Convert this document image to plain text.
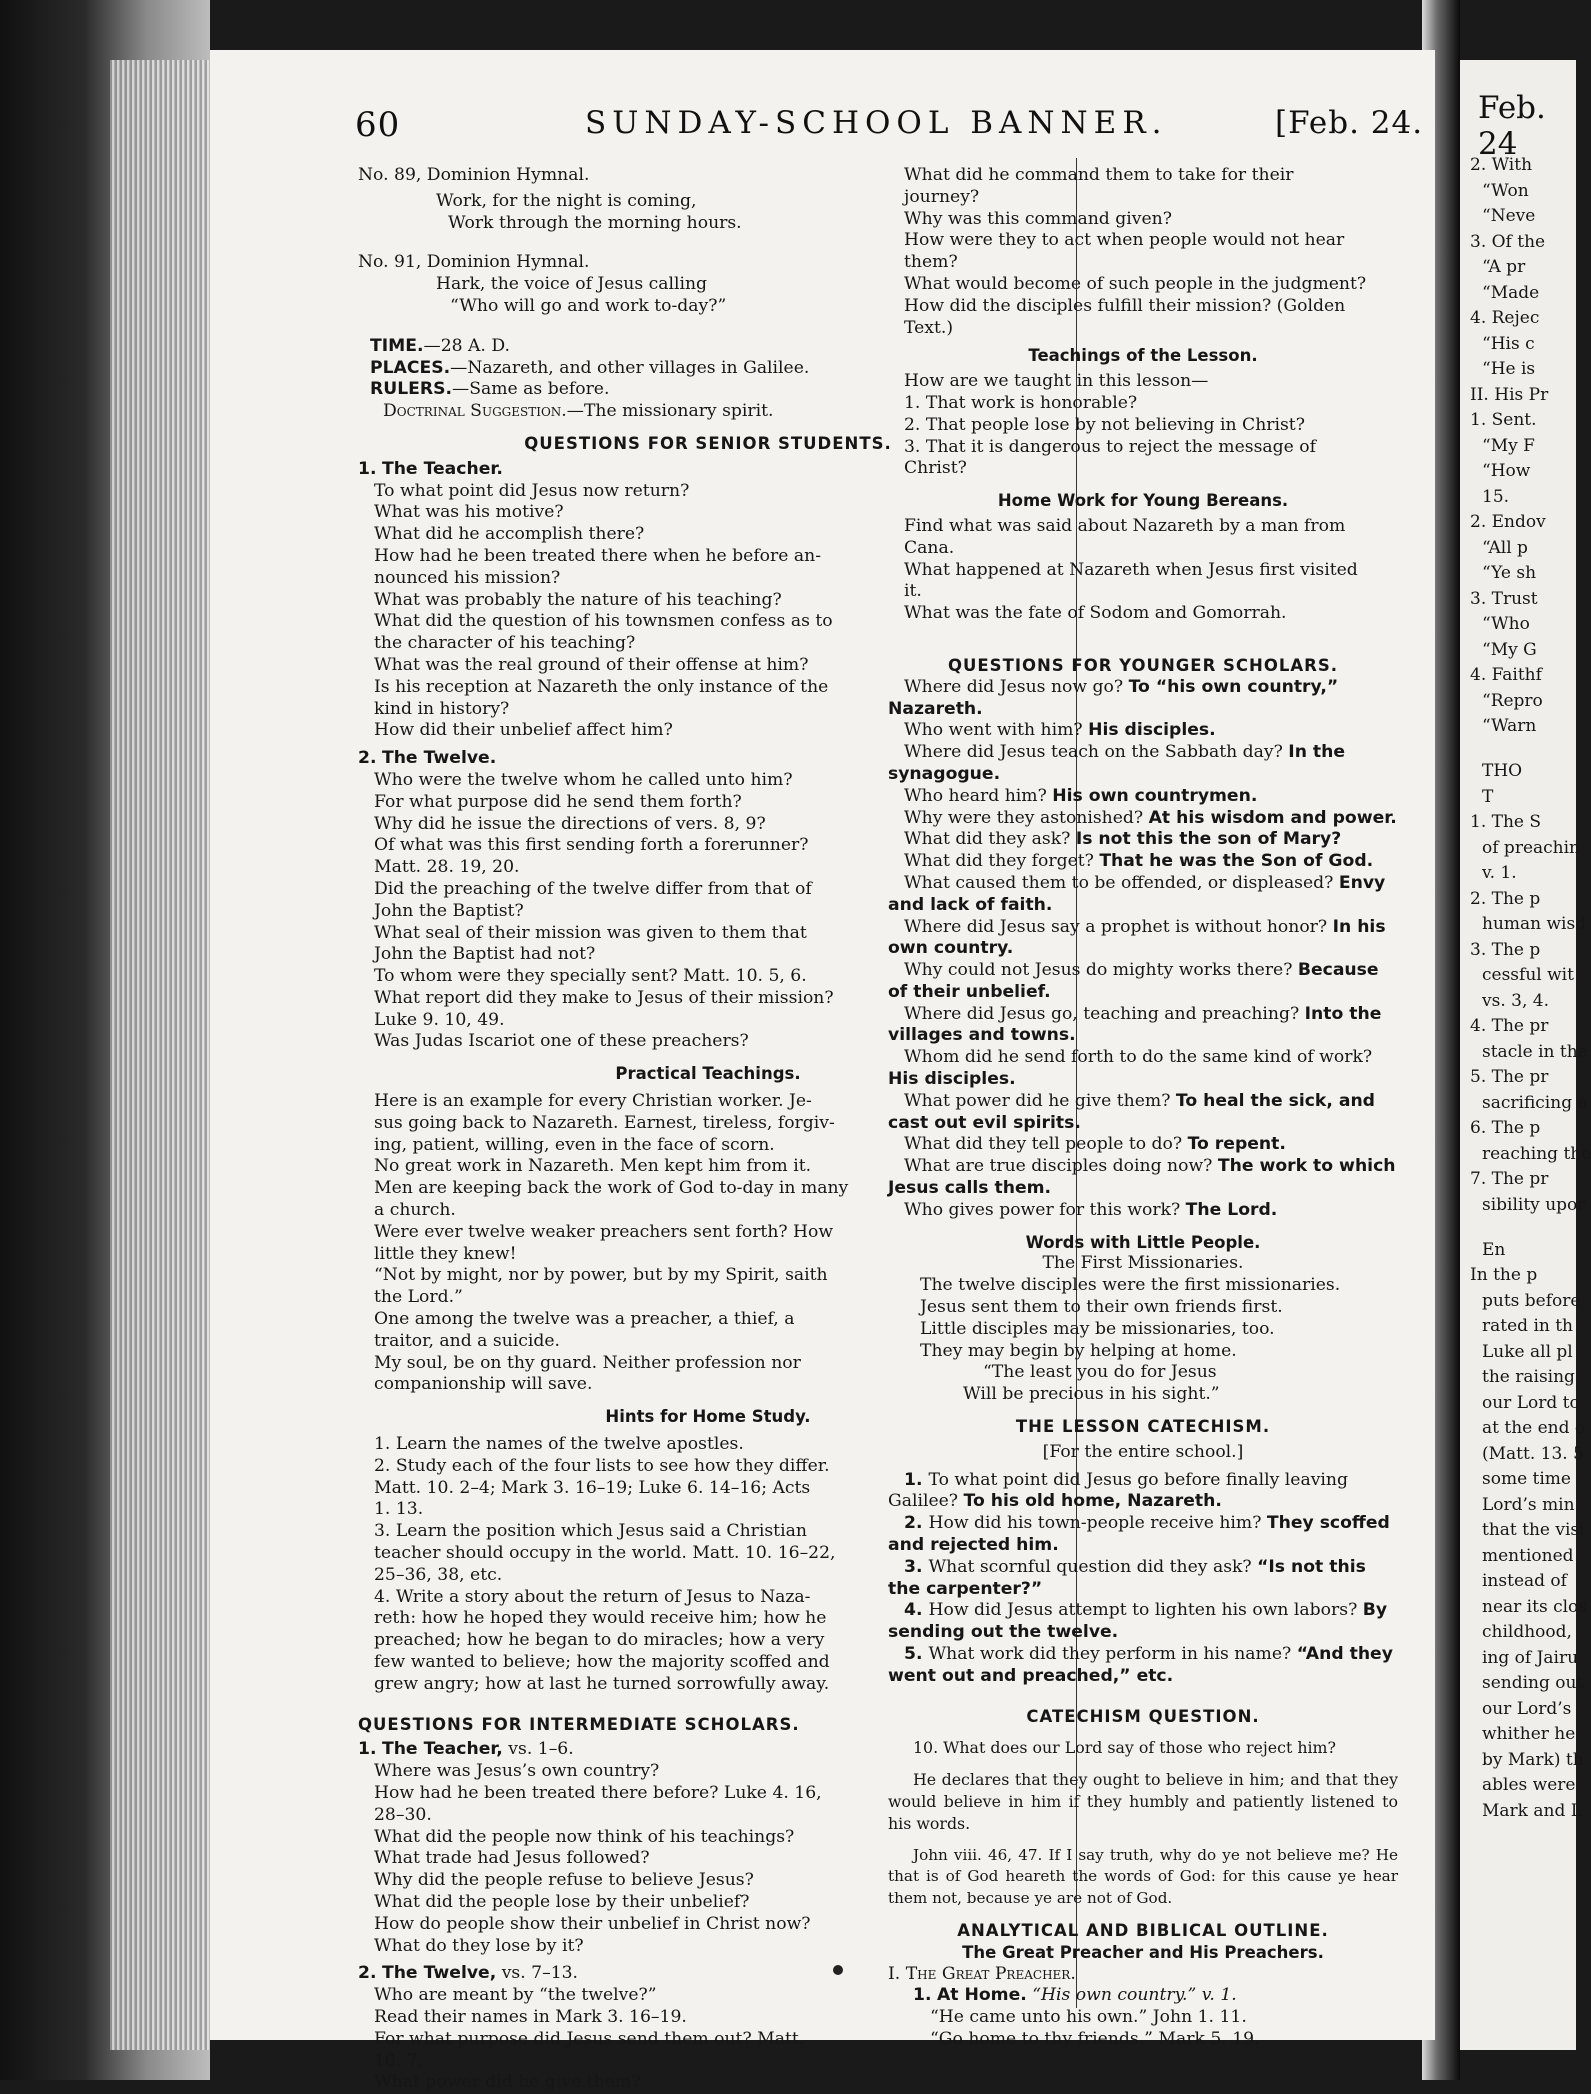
60	SUNDAY-SCHOOL BANNER.	[Feb. 24.

No. 89, Dominion Hymnal.

Work, for the night is coming,

Work through the morning hours.

No. 91, Dominion Hymnal.

Hark, the voice of Jesus calling

“Who will go and work to-day?”

TIME.—28 A. D.

PLACES.—Nazareth, and other villages in Galilee.

RULERS.—Same as before.

Doctrinal Suggestion.—The missionary spirit.

QUESTIONS FOR SENIOR STUDENTS.

1. The Teacher.

To what point did Jesus now return?

What was his motive?

What did he accomplish there?

How had he been treated there when he before an-

nounced his mission?

What was probably the nature of his teaching?

What did the question of his townsmen confess as to

the character of his teaching?

What was the real ground of their offense at him?

Is his reception at Nazareth the only instance of the

kind in history?

How did their unbelief affect him?

2. The Twelve.

Who were the twelve whom he called unto him?

For what purpose did he send them forth?

Why did he issue the directions of vers. 8, 9?

Of what was this first sending forth a forerunner?

Matt. 28. 19, 20.

Did the preaching of the twelve differ from that of

John the Baptist?

What seal of their mission was given to them that

John the Baptist had not?

To whom were they specially sent? Matt. 10. 5, 6.

What report did they make to Jesus of their mission?

Luke 9. 10, 49.

Was Judas Iscariot one of these preachers?

Practical Teachings.

Here is an example for every Christian worker. Je-

sus going back to Nazareth. Earnest, tireless, forgiv-

ing, patient, willing, even in the face of scorn.

No great work in Nazareth. Men kept him from it.

Men are keeping back the work of God to-day in many

a church.

Were ever twelve weaker preachers sent forth? How

little they knew!

“Not by might, nor by power, but by my Spirit, saith

the Lord.”

One among the twelve was a preacher, a thief, a

traitor, and a suicide.

My soul, be on thy guard. Neither profession nor

companionship will save.

Hints for Home Study.

1. Learn the names of the twelve apostles.

2. Study each of the four lists to see how they differ.

Matt. 10. 2–4; Mark 3. 16–19; Luke 6. 14–16; Acts

1. 13.

3. Learn the position which Jesus said a Christian

teacher should occupy in the world. Matt. 10. 16–22,

25–36, 38, etc.

4. Write a story about the return of Jesus to Naza-

reth: how he hoped they would receive him; how he

preached; how he began to do miracles; how a very

few wanted to believe; how the majority scoffed and

grew angry; how at last he turned sorrowfully away.

QUESTIONS FOR INTERMEDIATE SCHOLARS.

1. The Teacher, vs. 1–6.

Where was Jesus’s own country?

How had he been treated there before? Luke 4. 16,

28–30.

What did the people now think of his teachings?

What trade had Jesus followed?

Why did the people refuse to believe Jesus?

What did the people lose by their unbelief?

How do people show their unbelief in Christ now?

What do they lose by it?

2. The Twelve, vs. 7–13.

Who are meant by “the twelve?”

Read their names in Mark 3. 16–19.

For what purpose did Jesus send them out? Matt.

10. 7.

What power did he give them?

What did he command them to take for their

journey?

Why was this command given?

How were they to act when people would not hear

them?

What would become of such people in the judgment?

How did the disciples fulfill their mission? (Golden

Text.)

Teachings of the Lesson.

How are we taught in this lesson—

1. That work is honorable?

2. That people lose by not believing in Christ?

3. That it is dangerous to reject the message of

Christ?

Home Work for Young Bereans.

Find what was said about Nazareth by a man from

Cana.

What happened at Nazareth when Jesus first visited

it.

What was the fate of Sodom and Gomorrah.

QUESTIONS FOR YOUNGER SCHOLARS.

Where did Jesus now go? To “his own country,” Nazareth.

Who went with him? His disciples.

Where did Jesus teach on the Sabbath day? In the synagogue.

Who heard him? His own countrymen.

Why were they astonished? At his wisdom and power.

What did they ask? Is not this the son of Mary?

What did they forget? That he was the Son of God.

What caused them to be offended, or displeased? Envy and lack of faith.

Where did Jesus say a prophet is without honor? In his own country.

Why could not Jesus do mighty works there? Because of their unbelief.

Where did Jesus go, teaching and preaching? Into the villages and towns.

Whom did he send forth to do the same kind of work? His disciples.

What power did he give them? To heal the sick, and cast out evil spirits.

What did they tell people to do? To repent.

What are true disciples doing now? The work to which Jesus calls them.

Who gives power for this work? The Lord.

Words with Little People.

The First Missionaries.

The twelve disciples were the first missionaries.

Jesus sent them to their own friends first.

Little disciples may be missionaries, too.

They may begin by helping at home.

“The least you do for Jesus

Will be precious in his sight.”

THE LESSON CATECHISM.

[For the entire school.]

1. To what point did Jesus go before finally leaving Galilee? To his old home, Nazareth.

2. How did his town-people receive him? They scoffed and rejected him.

3. What scornful question did they ask? “Is not this the carpenter?”

4. How did Jesus attempt to lighten his own labors? By sending out the twelve.

5. What work did they perform in his name? “And they went out and preached,” etc.

CATECHISM QUESTION.

10. What does our Lord say of those who reject him?

He declares that they ought to believe in him; and that they would believe in him if they humbly and patiently listened to his words.

John viii. 46, 47. If I say truth, why do ye not believe me? He that is of God heareth the words of God: for this cause ye hear them not, because ye are not of God.

ANALYTICAL AND BIBLICAL OUTLINE.

The Great Preacher and His Preachers.

I. The Great Preacher.

1. At Home. “His own country.” v. 1.

“He came unto his own.” John 1. 11.

“Go home to thy friends.” Mark 5. 19.

Feb. 24
2. With
“Won
“Neve
3. Of the
“A pr
“Made
4. Rejec
“His c
“He is
II. His Pr
1. Sent.
“My F
“How
15.
2. Endov
“All p
“Ye sh
3. Trust
“Who
“My G
4. Faithf
“Repro
“Warn
THO
T
1. The S
of preachin
v. 1.
2. The p
human wisd
3. The p
cessful wit
vs. 3, 4.
4. The pr
stacle in the
5. The pr
sacrificing a
6. The p
reaching the
7. The pr
sibility upor
En
In the p
puts before
rated in th
Luke all pl
the raising
our Lord to
at the end o
(Matt. 13. 5
some time
Lord’s min
that the visi
mentioned
instead of
near its clos
childhood,
ing of Jairu
sending out
our Lord’s
whither he
by Mark) th
ables were
Mark and L
